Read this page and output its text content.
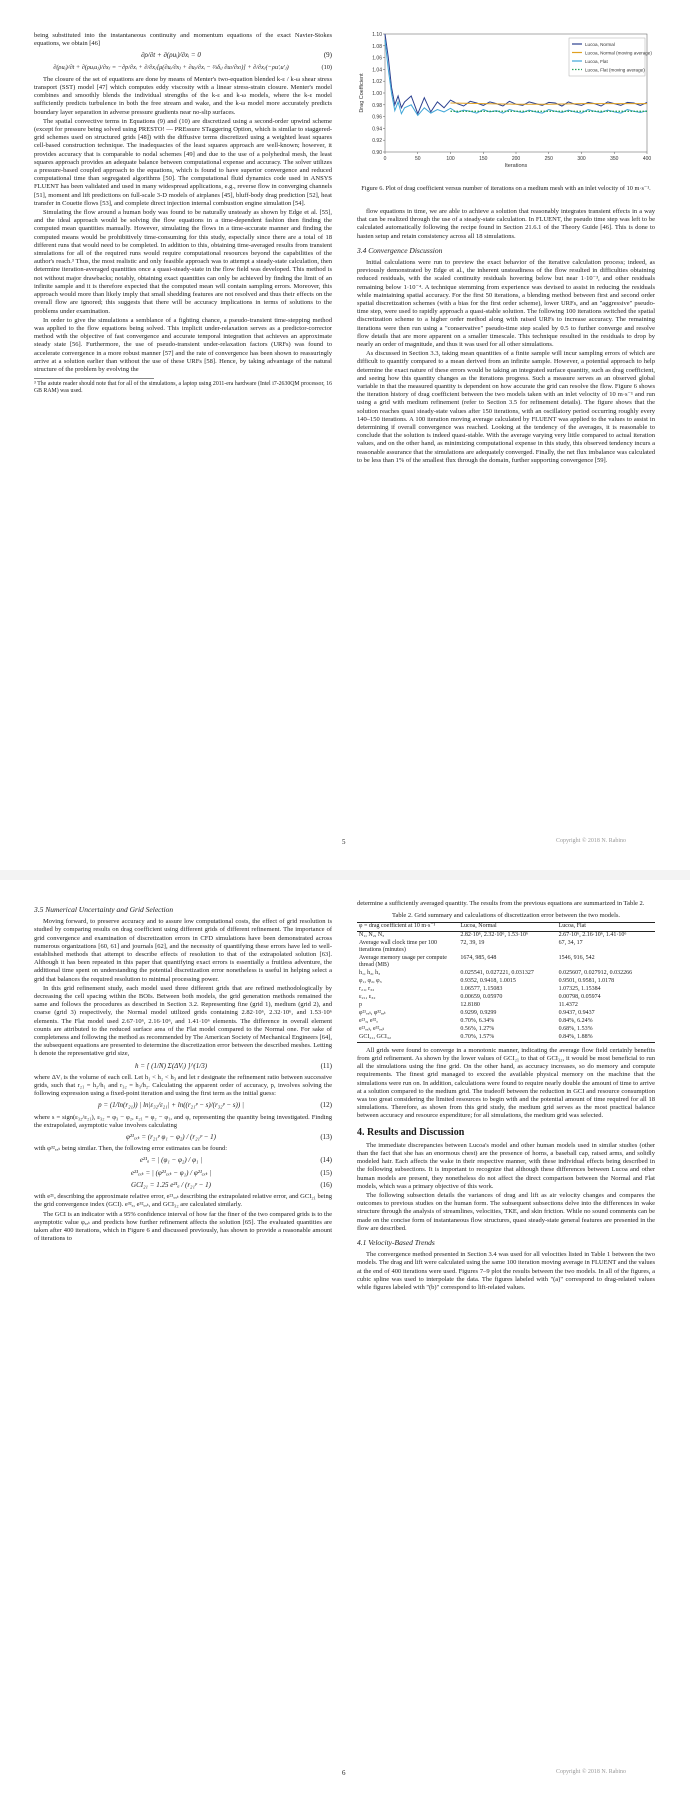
being substituted into the instantaneous continuity and momentum equations of the exact Navier-Stokes equations, we obtain [46]

∂ρ/∂t + ∂(ρuᵢ)/∂xᵢ = 0	(9)
∂(ρuᵢ)/∂t + ∂(ρuᵢuⱼ)/∂xⱼ = −∂p/∂xᵢ + ∂/∂xⱼ[μ(∂uᵢ/∂xⱼ + ∂uⱼ/∂xᵢ − ⅔δᵢⱼ ∂uₗ/∂xₗ)] + ∂/∂xⱼ(−ρu′ᵢu′ⱼ)	(10)

The closure of the set of equations are done by means of Menter's two-equation blended k-ε / k-ω shear stress transport (SST) model [47] which computes eddy viscosity with a linear stress-strain closure. Menter's model combines and smoothly blends the individual strengths of the k-ε and k-ω models, where the k-ε model sufficiently predicts turbulence in both the free stream and wake, and the k-ω model more accurately predicts boundary layer separation in adverse pressure gradients near no-slip surfaces.

The spatial convective terms in Equations (9) and (10) are discretized using a second-order upwind scheme (except for pressure being solved using PRESTO! — PREssure STaggering Option, which is similar to staggered-grid schemes used on structured grids [48]) with the diffusive terms discretized using a weighted least squares cell-based construction technique. The inadequacies of the least squares approach are well-known; however, it provides accuracy that is comparable to nodal schemes [49] and due to the use of a polyhedral mesh, the least squares approach provides an adequate balance between computational expense and accuracy. The solver utilizes a pressure-based coupled approach to the equations, which is found to have superior convergence and reduced computational time than segregated algorithms [50]. The computational fluid dynamics code used in ANSYS FLUENT has been validated and used in many widespread applications, e.g., reverse flow in converging channels [51], moment and lift predictions on full-scale 3-D models of airplanes [45], bluff-body drag prediction [52], heat transfer in Couette flows [53], and complete direct injection internal combustion engine simulation [54].

Simulating the flow around a human body was found to be naturally unsteady as shown by Edge et al. [55], and the ideal approach would be solving the flow equations in a time-dependent fashion then finding the computed mean quantities manually. However, simulating the flows in a time-accurate manner and finding the computed means would be prohibitively time-consuming for this study, especially since there are a total of 18 different runs that would need to be completed. In addition to this, obtaining time-averaged results from transient simulations for all of the required runs would require computational resources beyond the capabilities of the author's reach.³ Thus, the most realistic and only feasible approach was to attempt a steady-state calculation, then determine iteration-averaged quantities once a quasi-steady-state in the flow field was developed. This method is not without major drawbacks; notably, obtaining exact quantities can only be achieved by finding the limit of an infinite sample and it is therefore expected that the computed mean will contain sampling errors. Moreover, this approach would more than likely imply that small shedding features are not resolved and thus their effects on the overall flow are ignored; this suggests that there will be accuracy implications in terms of solutions to the problems under examination.

In order to give the simulations a semblance of a fighting chance, a pseudo-transient time-stepping method was applied to the flow equations being solved. This implicit under-relaxation serves as a predictor-corrector method with the objective of fast convergence and accurate temporal integration that achieves an approximate steady state [56]. Furthermore, the use of pseudo-transient under-relaxation factors (URFs) was found to accelerate convergence in a more robust manner [57] and the rate of convergence has been shown to reassuringly arrive at a solution earlier than without the use of these URFs [58]. Hence, by taking advantage of the natural structure of the problem by evolving the

³ The astute reader should note that for all of the simulations, a laptop using 2011-era hardware (Intel i7-2630QM processor, 16 GB RAM) was used.
0.90
0.92
0.94
0.96
0.98
1.00
1.02
1.04
1.06
1.08
1.10
0	50	100	150	200	250	300	350	400
Iterations
Drag Coefficient
Lucoa, Normal
Lucoa, Normal (moving average)
Lucoa, Flat
Lucoa, Flat (moving average)
Figure 6. Plot of drag coefficient versus number of iterations on a medium mesh with an inlet velocity of 10 m·s⁻¹.

flow equations in time, we are able to achieve a solution that reasonably integrates transient effects in a way that can be realized through the use of a steady-state calculation. In FLUENT, the pseudo time step was left to be calculated automatically following the recipe found in Section 21.6.1 of the Theory Guide [46]. This is done to hasten setup and retain consistency across all 18 simulations.

3.4 Convergence Discussion

Initial calculations were run to preview the exact behavior of the iterative calculation process; indeed, as previously demonstrated by Edge et al., the inherent unsteadiness of the flow resulted in difficulties obtaining reduced residuals, with the scaled continuity residuals hovering below but near 1·10⁻³, and other residuals remaining below 1·10⁻⁴. A technique stemming from experience was devised to assist in reducing the residuals while maintaining spatial accuracy. For the first 50 iterations, a blending method between first and second order spatial discretization schemes (with a bias for the first order scheme), lower URFs, and an "aggressive" pseudo-time step, were used to rapidly approach a quasi-stable solution. The following 100 iterations switched the spatial discretization scheme to a higher order method along with raised URFs to increase accuracy. The remaining iterations were then run using a "conservative" pseudo-time step scaled by 0.5 to further converge and resolve flow details that are more apparent on a smaller timescale. This technique resulted in the residuals to drop by nearly an order of magnitude, and thus it was used for all other simulations.

As discussed in Section 3.3, taking mean quantities of a finite sample will incur sampling errors of which are difficult to quantify compared to a mean derived from an infinite sample. However, a potential approach to help determine the exact nature of these errors would be taking an integrated surface quantity, such as drag coefficient, and seeing how this quantity changes as the iterations progress. Such a measure serves as an observed global variable in that the measured quantity is dependent on how accurate the grid can resolve the flow. Figure 6 shows the iteration history of drag coefficient between the two models taken with an inlet velocity of 10 m·s⁻¹ and run using a grid with medium refinement (refer to Section 3.5 for refinement details). The figure shows that the solution reaches quasi steady-state values after 150 iterations, with an oscillatory period occurring roughly every 140–150 iterations. A 100 iteration moving average calculated by FLUENT was applied to the values to assist in determining if overall convergence was reached. Looking at the tendency of the averages, it is reasonable to conclude that the solution is indeed quasi-stable. With the average varying very little compared to actual iteration values, and on the other hand, as minimizing computational expense in this study, this observed tendency incurs a reasonable assurance that the simulations are adequately converged. Finally, the net flux imbalance was calculated to be less than 1% of the smallest flux through the domain, further supporting convergence [59].

5	Copyright © 2018 N. Rabino
3.5 Numerical Uncertainty and Grid Selection

Moving forward, to preserve accuracy and to assure low computational costs, the effect of grid resolution is studied by comparing results on drag coefficient using different grids of different refinement. The importance of grid convergence and examination of discretization errors in CFD simulations have been demonstrated across numerous organizations [60, 61] and journals [62], and the necessity of quantifying these errors have led to well-established methods that attempt to describe effects of resolution to that of the extrapolated solution [63]. Although it has been repeated in this paper that quantifying exact errors is essentially a fruitless adventure, the additional time spent on understanding the potential discretization error nonetheless is useful in helping select a grid that balances the required resolution to minimal processing power.

In this grid refinement study, each model used three different grids that are refined methodologically by decreasing the cell spacing within the BOIs. Between both models, the grid generation methods remained the same and follows the procedures as described in Section 3.2. Representing fine (grid 1), medium (grid 2), and coarse (grid 3) respectively, the Normal model utilized grids containing 2.82·10⁶, 2.32·10⁶, and 1.53·10⁶ elements. The Flat model used 2.67·10⁶, 2.16·10⁶, and 1.41·10⁶ elements. The difference in overall element counts are attributed to the reduced surface area of the Flat model compared to the Normal one. For sake of completeness and following the method as recommended by The American Society of Mechanical Engineers [64], the subsequent equations are presented to determine the discretization error between the described meshes. Letting h denote the representative grid size,

h = [ (1/N) Σ(ΔVᵢ) ]^(1/3)	(11)

where ΔVᵢ is the volume of each cell. Let h₁ < h₂ < h₃ and let r designate the refinement ratio between successive grids, such that r₂₁ = h₂/h₁ and r₃₂ = h₃/h₂. Calculating the apparent order of accuracy, p, involves solving the following expression using a fixed-point iteration and using the first term as the initial guess:

p = (1/ln(r₂₁)) | ln|ε₃₂/ε₂₁| + ln((r₂₁ᵖ − s)/(r₃₂ᵖ − s)) |	(12)

where s = sign(ε₃₂/ε₂₁), ε₃₂ = φ₃ − φ₂, ε₂₁ = φ₂ − φ₁, and φ, representing the quantity being investigated. Finding the extrapolated, asymptotic value involves calculating

φ²¹ₑₓₜ = (r₂₁ᵖ φ₁ − φ₂) / (r₂₁ᵖ − 1)	(13)

with φ³²ₑₓₜ being similar. Then, the following error estimates can be found:

e²¹ₐ = | (φ₁ − φ₂) / φ₁ |	(14)
e²¹ₑₓₜ = | (φ²¹ₑₓₜ − φ₁) / φ²¹ₑₓₜ |	(15)
GCI₂₁ = 1.25 e²¹ₐ / (r₂₁ᵖ − 1)	(16)

with e²¹ₐ describing the approximate relative error, e²¹ₑₓₜ describing the extrapolated relative error, and GCI₂₁ being the grid convergence index (GCI). e³²ₐ, e³²ₑₓₜ, and GCI₃₂ are calculated similarly.

The GCI is an indicator with a 95% confidence interval of how far the finer of the two compared grids is to the asymptotic value φₑₓₜ and predicts how further refinement affects the solution [65]. The evaluated quantities are taken after 400 iterations, which in Figure 6 and discussed previously, has shown to provide a reasonable amount of iterations to

determine a sufficiently averaged quantity. The results from the previous equations are summarized in Table 2.

Table 2. Grid summary and calculations of discretization error between the two models.
φ = drag coefficient at 10 m·s⁻¹	Lucoa, Normal	Lucoa, Flat
N₁, N₂, N₃	2.82·10⁶, 2.32·10⁶, 1.53·10⁶	2.67·10⁶, 2.16·10⁶, 1.41·10⁶
Average wall clock time per 100 iterations (minutes)	72, 39, 19	67, 34, 17
Average memory usage per compute thread (MB)	1674, 985, 648	1546, 916, 542
h₁, h₂, h₃	0.025541, 0.027221, 0.031327	0.025607, 0.027912, 0.032266
φ₁, φ₂, φ₃	0.9352, 0.9418, 1.0015	0.9501, 0.9581, 1.0178
r₂₁, r₃₂	1.06577, 1.15083	1.07325, 1.15384
ε₂₁, ε₃₂	0.00659, 0.05970	0.00798, 0.05974
p	12.8180	11.4372
φ²¹ₑₓₜ, φ³²ₑₓₜ	0.9299, 0.9299	0.9437, 0.9437
e²¹ₐ, e³²ₐ	0.70%, 6.34%	0.84%, 6.24%
e²¹ₑₓₜ, e³²ₑₓₜ	0.56%, 1.27%	0.68%, 1.53%
GCI₂₁, GCI₃₂	0.70%, 1.57%	0.84%, 1.88%

All grids were found to converge in a monotonic manner, indicating the average flow field certainly benefits from grid refinement. As shown by the lower values of GCI₂₁ to that of GCI₃₂, it would be most beneficial to run all the simulations using the fine grid. On the other hand, as accuracy increases, so do memory and compute requirements. The finest grid managed to exceed the available physical memory on the machine that the simulations were run on. In addition, calculations were found to require nearly double the amount of time to arrive at a solution compared to the medium grid. The tradeoff between the reduction in GCI and resource consumption was too great considering the limited resources to begin with and the potential amount of time required for all 18 simulations. Therefore, as shown from this grid study, the medium grid serves as the most practical balance between accuracy and resource expenditure; for all simulations, the medium grid was selected.

4. Results and Discussion

The immediate discrepancies between Lucoa's model and other human models used in similar studies (other than the fact that she has an enormous chest) are the presence of horns, a baseball cap, raised arms, and solidly modeled hair. Each affects the wake in their respective manner, with these individual effects being described in the following subsections. It is important to recognize that although these differences between Lucoa and other human models are present, they nonetheless do not affect the direct comparison between the Normal and Flat models, which was a primary objective of this work.

The following subsection details the variances of drag and lift as air velocity changes and compares the outcomes to previous studies on the human form. The subsequent subsections delve into the differences in wake structure through the analysis of streamlines, velocities, TKE, and skin friction. While no sound comments can be made on the concise form of instantaneous flow structures, quasi steady-state general features are presented in the flow are described.

4.1 Velocity-Based Trends

The convergence method presented in Section 3.4 was used for all velocities listed in Table 1 between the two models. The drag and lift were calculated using the same 100 iteration moving average in FLUENT and the values at the end of 400 iterations were used. Figures 7–9 plot the results between the two models. In all of the figures, a cubic spline was used to interpolate the data. The figures labeled with "(a)" correspond to drag-related values while figures labeled with "(b)" correspond to lift-related values.

6	Copyright © 2018 N. Rabino
